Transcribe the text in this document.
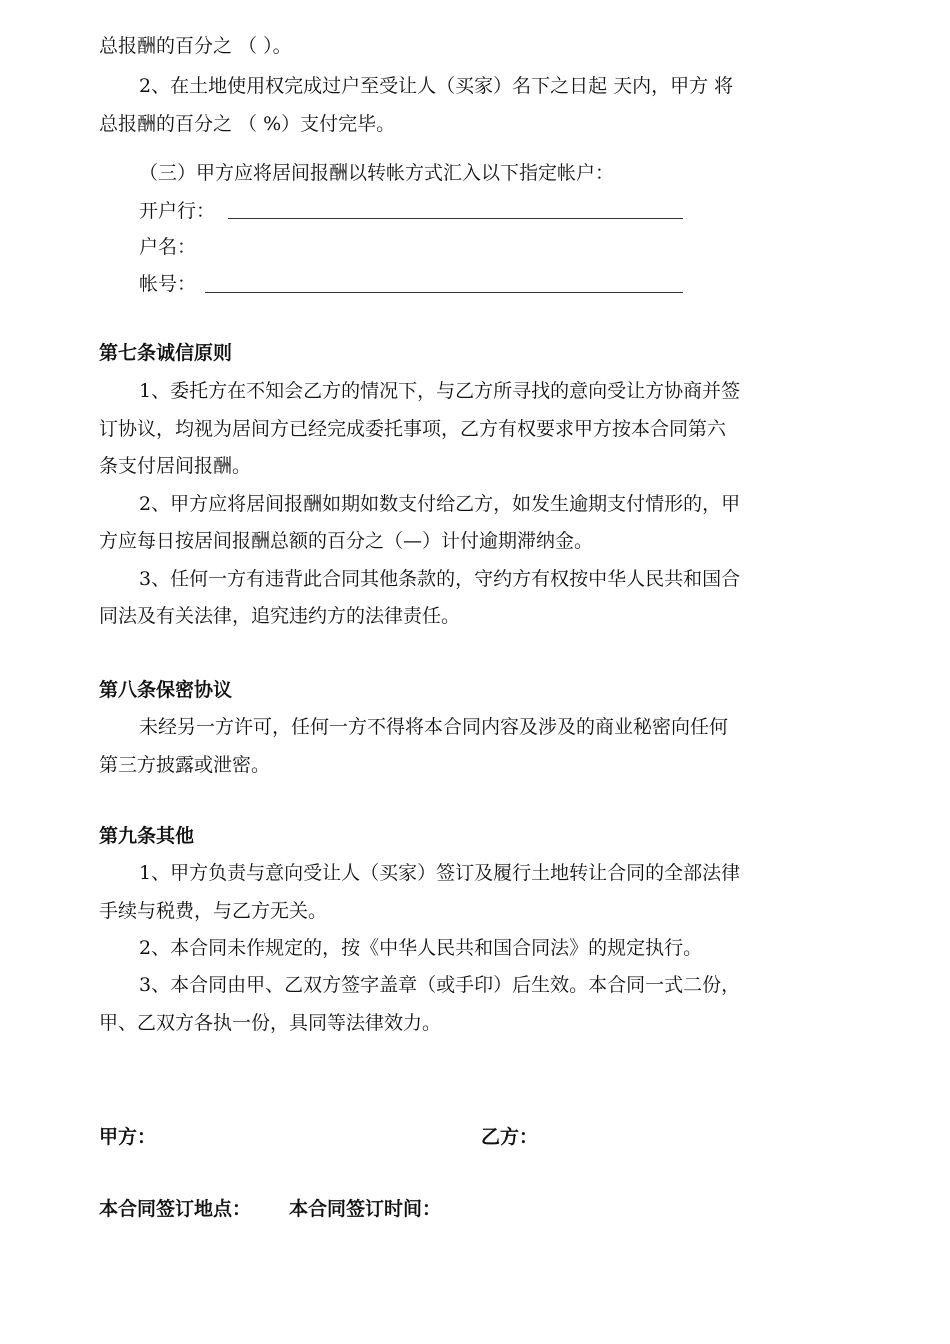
总报酬的百分之 （ ）。
2、在土地使用权完成过户至受让人（买家）名下之日起 天内，甲方 将
总报酬的百分之 （ %）支付完毕。
（三）甲方应将居间报酬以转帐方式汇入以下指定帐户：
开户行：
户名：
帐号：
第七条诚信原则
1、委托方在不知会乙方的情况下，与乙方所寻找的意向受让方协商并签
订协议，均视为居间方已经完成委托事项，乙方有权要求甲方按本合同第六
条支付居间报酬。
2、甲方应将居间报酬如期如数支付给乙方，如发生逾期支付情形的，甲
方应每日按居间报酬总额的百分之（—）计付逾期滞纳金。
3、任何一方有违背此合同其他条款的，守约方有权按中华人民共和国合
同法及有关法律，追究违约方的法律责任。
第八条保密协议
未经另一方许可，任何一方不得将本合同内容及涉及的商业秘密向任何
第三方披露或泄密。
第九条其他
1、甲方负责与意向受让人（买家）签订及履行土地转让合同的全部法律
手续与税费，与乙方无关。
2、本合同未作规定的，按《中华人民共和国合同法》的规定执行。
3、本合同由甲、乙双方签字盖章（或手印）后生效。本合同一式二份，
甲、乙双方各执一份，具同等法律效力。
甲方：	乙方：
本合同签订地点： 本合同签订时间：
